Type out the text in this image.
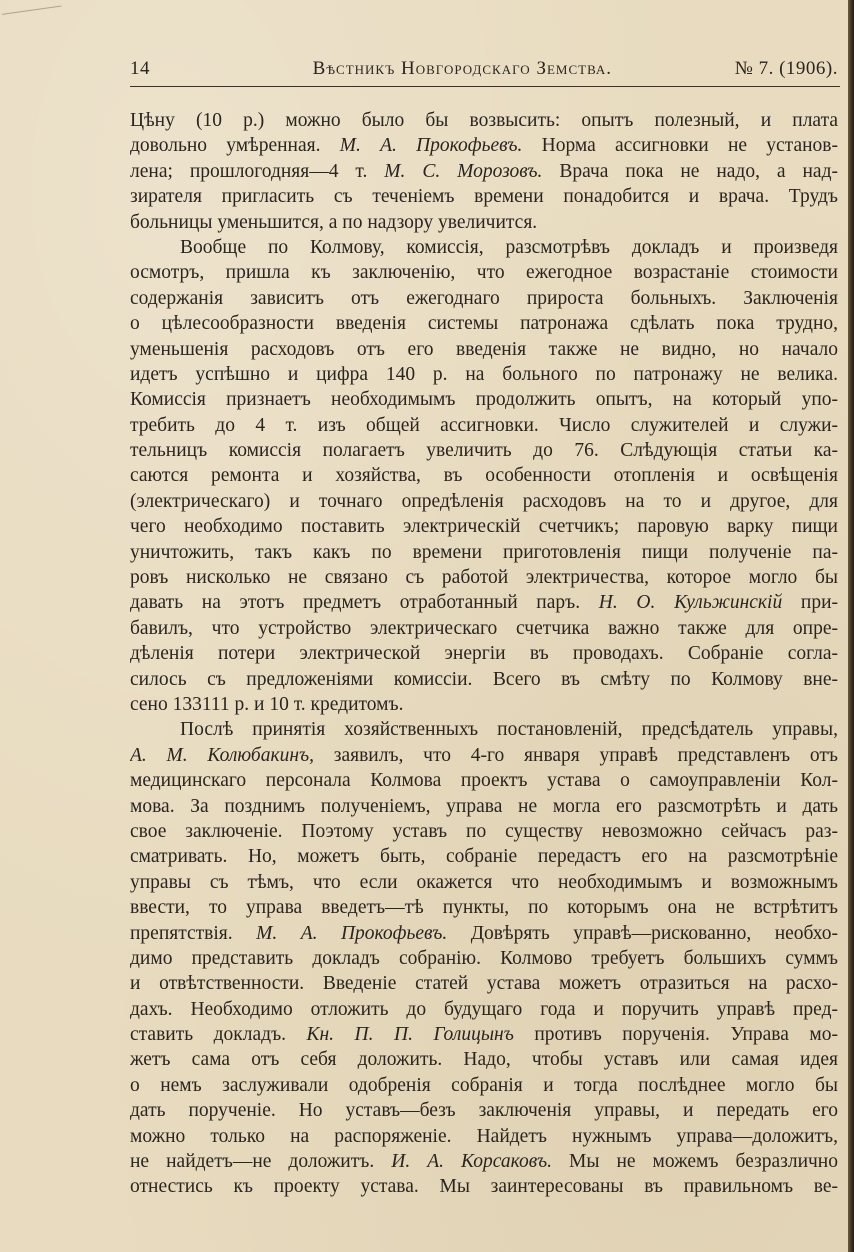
14	Вѣстникъ Новгородскаго Земства.	№ 7. (1906).
Цѣну (10 р.) можно было бы возвысить: опытъ полезный, и плата
довольно умѣренная. М. А. Прокофьевъ. Норма ассигновки не установ-
лена; прошлогодняя—4 т. М. С. Морозовъ. Врача пока не надо, а над-
зирателя пригласить съ теченіемъ времени понадобится и врача. Трудъ
больницы уменьшится, а по надзору увеличится.
Вообще по Колмову, комиссія, разсмотрѣвъ докладъ и произведя
осмотръ, пришла къ заключенію, что ежегодное возрастаніе стоимости
содержанія зависитъ отъ ежегоднаго прироста больныхъ. Заключенія
о цѣлесообразности введенія системы патронажа сдѣлать пока трудно,
уменьшенія расходовъ отъ его введенія также не видно, но начало
идетъ успѣшно и цифра 140 р. на больного по патронажу не велика.
Комиссія признаетъ необходимымъ продолжить опытъ, на который упо-
требить до 4 т. изъ общей ассигновки. Число служителей и служи-
тельницъ комиссія полагаетъ увеличить до 76. Слѣдующія статьи ка-
саются ремонта и хозяйства, въ особенности отопленія и освѣщенія
(электрическаго) и точнаго опредѣленія расходовъ на то и другое, для
чего необходимо поставить электрическій счетчикъ; паровую варку пищи
уничтожить, такъ какъ по времени приготовленія пищи полученіе па-
ровъ нисколько не связано съ работой электричества, которое могло бы
давать на этотъ предметъ отработанный паръ. Н. О. Кульжинскій при-
бавилъ, что устройство электрическаго счетчика важно также для опре-
дѣленія потери электрической энергіи въ проводахъ. Собраніе согла-
силось съ предложеніями комиссіи. Всего въ смѣту по Колмову вне-
сено 133111 р. и 10 т. кредитомъ.
Послѣ принятія хозяйственныхъ постановленій, предсѣдатель управы,
А. М. Колюбакинъ, заявилъ, что 4-го января управѣ представленъ отъ
медицинскаго персонала Колмова проектъ устава о самоуправленіи Кол-
мова. За позднимъ полученіемъ, управа не могла его разсмотрѣть и дать
свое заключеніе. Поэтому уставъ по существу невозможно сейчасъ раз-
сматривать. Но, можетъ быть, собраніе передастъ его на разсмотрѣніе
управы съ тѣмъ, что если окажется что необходимымъ и возможнымъ
ввести, то управа введетъ—тѣ пункты, по которымъ она не встрѣтитъ
препятствія. М. А. Прокофьевъ. Довѣрять управѣ—рискованно, необхо-
димо представить докладъ собранію. Колмово требуетъ большихъ суммъ
и отвѣтственности. Введеніе статей устава можетъ отразиться на расхо-
дахъ. Необходимо отложить до будущаго года и поручить управѣ пред-
ставить докладъ. Кн. П. П. Голицынъ противъ порученія. Управа мо-
жетъ сама отъ себя доложить. Надо, чтобы уставъ или самая идея
о немъ заслуживали одобренія собранія и тогда послѣднее могло бы
дать порученіе. Но уставъ—безъ заключенія управы, и передать его
можно только на распоряженіе. Найдетъ нужнымъ управа—доложитъ,
не найдетъ—не доложитъ. И. А. Корсаковъ. Мы не можемъ безразлично
отнестись къ проекту устава. Мы заинтересованы въ правильномъ ве-
